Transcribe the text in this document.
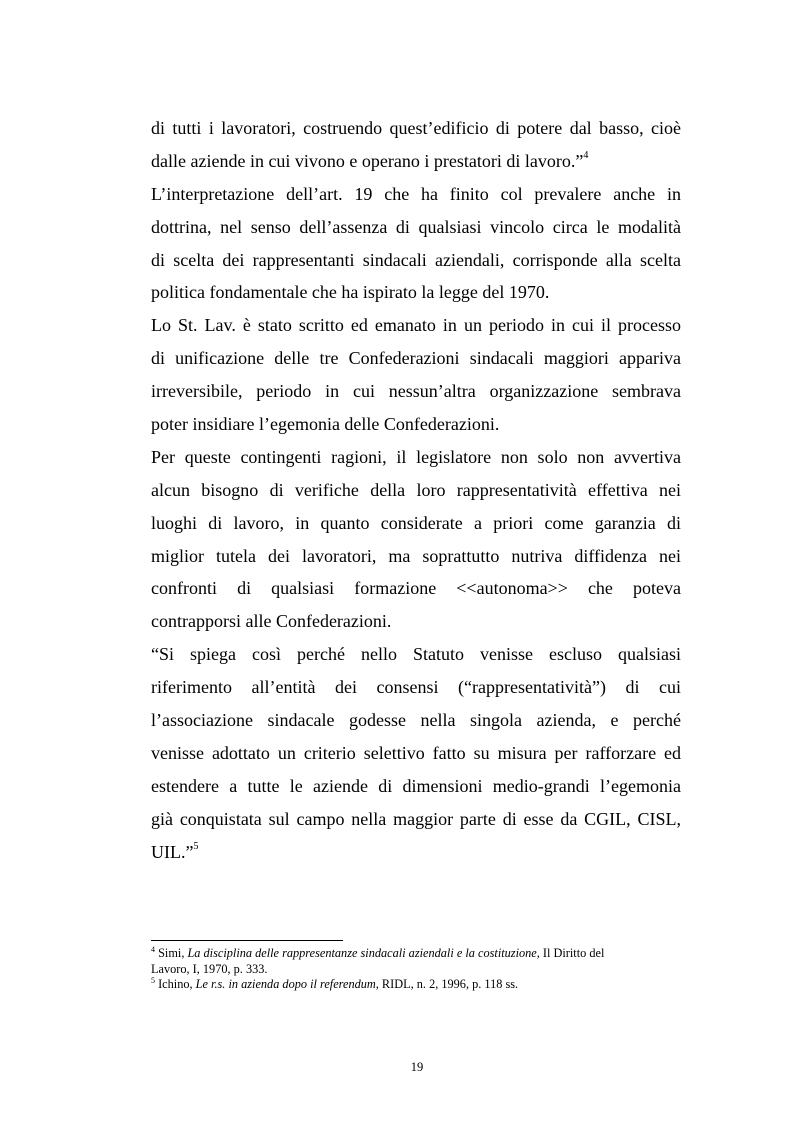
di tutti i lavoratori, costruendo quest’edificio di potere dal basso, cioè
dalle aziende in cui vivono e operano i prestatori di lavoro.”$^4$
L’interpretazione dell’art. 19 che ha finito col prevalere anche in
dottrina, nel senso dell’assenza di qualsiasi vincolo circa le modalità
di scelta dei rappresentanti sindacali aziendali, corrisponde alla scelta
politica fondamentale che ha ispirato la legge del 1970.
Lo St. Lav. è stato scritto ed emanato in un periodo in cui il processo
di unificazione delle tre Confederazioni sindacali maggiori appariva
irreversibile, periodo in cui nessun’altra organizzazione sembrava
poter insidiare l’egemonia delle Confederazioni.
Per queste contingenti ragioni, il legislatore non solo non avvertiva
alcun bisogno di verifiche della loro rappresentatività effettiva nei
luoghi di lavoro, in quanto considerate a priori come garanzia di
miglior tutela dei lavoratori, ma soprattutto nutriva diffidenza nei
confronti di qualsiasi formazione <<autonoma>> che poteva
contrapporsi alle Confederazioni.
“Si spiega così perché nello Statuto venisse escluso qualsiasi
riferimento all’entità dei consensi (“rappresentatività”) di cui
l’associazione sindacale godesse nella singola azienda, e perché
venisse adottato un criterio selettivo fatto su misura per rafforzare ed
estendere a tutte le aziende di dimensioni medio-grandi l’egemonia
già conquistata sul campo nella maggior parte di esse da CGIL, CISL,
UIL.”$^5$
$^4$ Simi, La disciplina delle rappresentanze sindacali aziendali e la costituzione, Il Diritto del
Lavoro, I, 1970, p. 333.
$^5$ Ichino, Le r.s. in azienda dopo il referendum, RIDL, n. 2, 1996, p. 118 ss.
19
